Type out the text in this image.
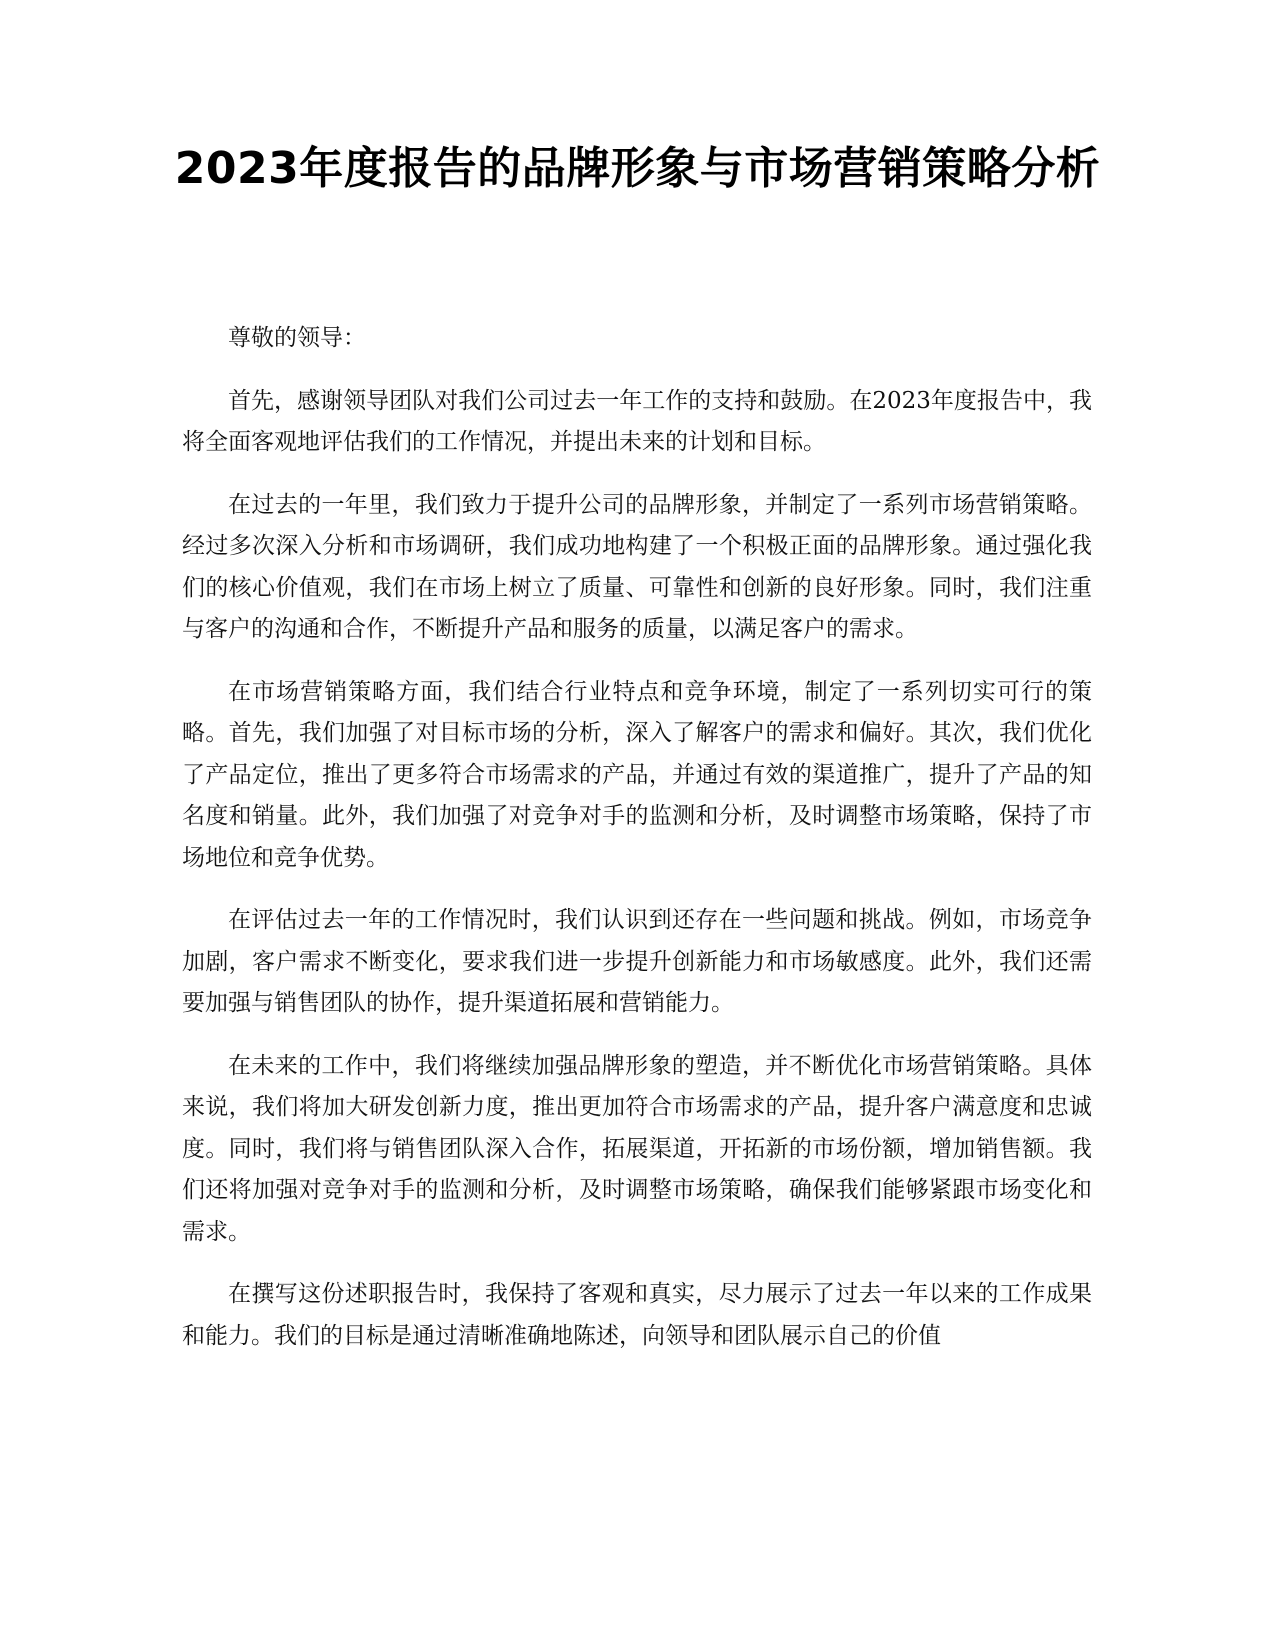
2023年度报告的品牌形象与市场营销策略分析

尊敬的领导：

首先，感谢领导团队对我们公司过去一年工作的支持和鼓励。在2023年度报告中，我将全面客观地评估我们的工作情况，并提出未来的计划和目标。

在过去的一年里，我们致力于提升公司的品牌形象，并制定了一系列市场营销策略。经过多次深入分析和市场调研，我们成功地构建了一个积极正面的品牌形象。通过强化我们的核心价值观，我们在市场上树立了质量、可靠性和创新的良好形象。同时，我们注重与客户的沟通和合作，不断提升产品和服务的质量，以满足客户的需求。

在市场营销策略方面，我们结合行业特点和竞争环境，制定了一系列切实可行的策略。首先，我们加强了对目标市场的分析，深入了解客户的需求和偏好。其次，我们优化了产品定位，推出了更多符合市场需求的产品，并通过有效的渠道推广，提升了产品的知名度和销量。此外，我们加强了对竞争对手的监测和分析，及时调整市场策略，保持了市场地位和竞争优势。

在评估过去一年的工作情况时，我们认识到还存在一些问题和挑战。例如，市场竞争加剧，客户需求不断变化，要求我们进一步提升创新能力和市场敏感度。此外，我们还需要加强与销售团队的协作，提升渠道拓展和营销能力。

在未来的工作中，我们将继续加强品牌形象的塑造，并不断优化市场营销策略。具体来说，我们将加大研发创新力度，推出更加符合市场需求的产品，提升客户满意度和忠诚度。同时，我们将与销售团队深入合作，拓展渠道，开拓新的市场份额，增加销售额。我们还将加强对竞争对手的监测和分析，及时调整市场策略，确保我们能够紧跟市场变化和需求。

在撰写这份述职报告时，我保持了客观和真实，尽力展示了过去一年以来的工作成果和能力。我们的目标是通过清晰准确地陈述，向领导和团队展示自己的价值
